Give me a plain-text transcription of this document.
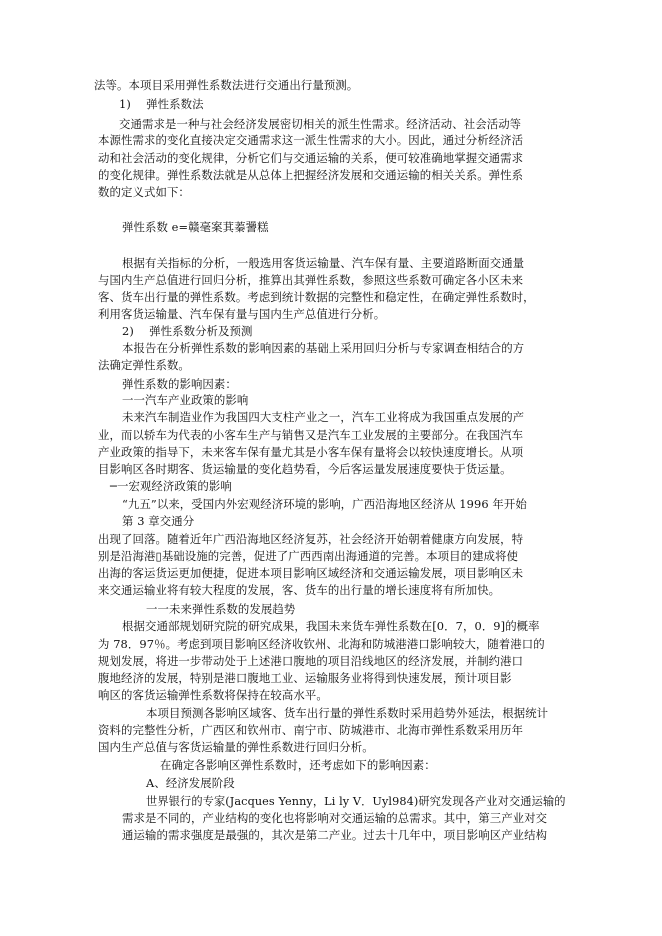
法等。本项目采用弹性系数法进行交通出行量预测。
1)　 弹性系数法
交通需求是一种与社会经济发展密切相关的派生性需求。经济活动、社会活动等
本源性需求的变化直接决定交通需求这一派生性需求的大小。因此，通过分析经济活
动和社会活动的变化规律，分析它们与交通运输的关系，便可较准确地掌握交通需求
的变化规律。弹性系数法就是从总体上把握经济发展和交通运输的相关关系。弹性系
数的定义式如下：
弹性系数 e=赣毫案萁蓁謽糕
根据有关指标的分析，一般选用客货运输量、汽车保有量、主要道路断面交通量
与国内生产总值进行回归分析，推算出其弹性系数，参照这些系数可确定各小区未来
客、货车出行量的弹性系数。考虑到统计数据的完整性和稳定性，在确定弹性系数时，
利用客货运输量、汽车保有量与国内生产总值进行分析。
2)　 弹性系数分析及预测
本报告在分析弹性系数的影响因素的基础上采用回归分析与专家调查相结合的方
法确定弹性系数。
弹性系数的影响因素：
一一汽车产业政策的影响
未来汽车制造业作为我国四大支柱产业之一，汽车工业将成为我国重点发展的产
业，而以轿车为代表的小客车生产与销售又是汽车工业发展的主要部分。在我国汽车
产业政策的指导下，未来客车保有量尤其是小客车保有量将会以较快速度增长。从项
目影响区各时期客、货运输量的变化趋势看，今后客运量发展速度要快于货运量。
─一宏观经济政策的影响
“九五”以来，受国内外宏观经济环境的影响，广西沿海地区经济从 1996 年开始
第 3 章交通分
出现了回落。随着近年广西沿海地区经济复苏，社会经济开始朝着健康方向发展，特
别是沿海港▯基础设施的完善，促进了广西西南出海通道的完善。本项目的建成将使
出海的客运货运更加便捷，促进本项目影响区域经济和交通运输发展，项目影响区未
来交通运输业将有较大程度的发展，客、货车的出行量的增长速度将有所加快。
一一未来弹性系数的发展趋势
根据交通部规划研究院的研究成果，我国未来货车弹性系数在[0．7，0．9]的概率
为 78．97％。考虑到项目影响区经济收钦州、北海和防城港港口影响较大，随着港口的
规划发展，将进一步带动处于上述港口腹地的项目沿线地区的经济发展，并制约港口
腹地经济的发展，特别是港口腹地工业、运输服务业将得到快速发展，预计项目影
响区的客货运输弹性系数将保持在较高水平。
本项目预测各影响区域客、货车出行量的弹性系数时采用趋势外延法，根据统计
资料的完整性分析，广西区和钦州市、南宁市、防城港市、北海市弹性系数采用历年
国内生产总值与客货运输量的弹性系数进行回归分析。
在确定各影响区弹性系数时，还考虑如下的影响因素：
A、经济发展阶段
世界银行的专家(Jacques Yenny，Li ly V．Uyl984)研究发现各产业对交通运输的
需求是不同的，产业结构的变化也将影响对交通运输的总需求。其中，第三产业对交
通运输的需求强度是最强的，其次是第二产业。过去十几年中，项目影响区产业结构
